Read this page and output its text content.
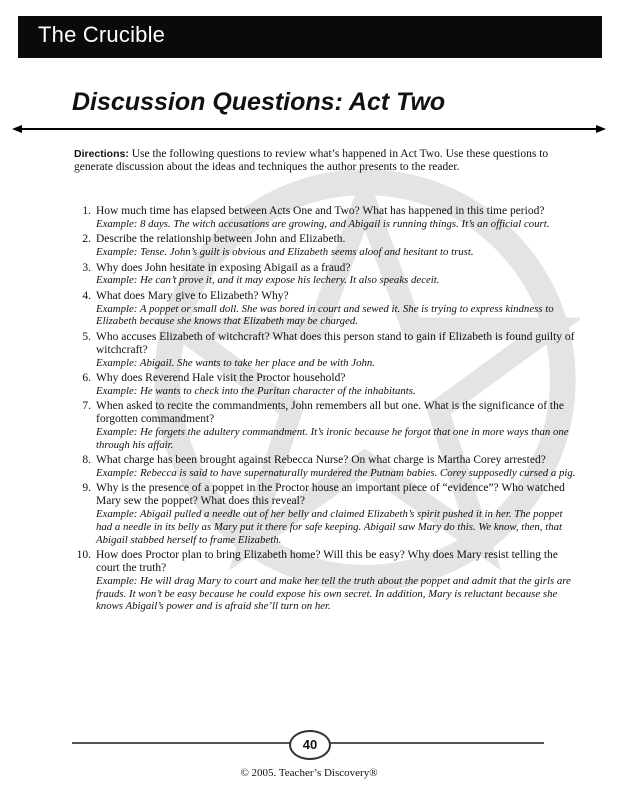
The Crucible
Discussion Questions: Act Two
Directions: Use the following questions to review what’s happened in Act Two. Use these questions to generate discussion about the ideas and techniques the author presents to the reader.
1. How much time has elapsed between Acts One and Two? What has happened in this time period?
Example: 8 days. The witch accusations are growing, and Abigail is running things. It’s an official court.
2. Describe the relationship between John and Elizabeth.
Example: Tense. John’s guilt is obvious and Elizabeth seems aloof and hesitant to trust.
3. Why does John hesitate in exposing Abigail as a fraud?
Example: He can’t prove it, and it may expose his lechery. It also speaks deceit.
4. What does Mary give to Elizabeth? Why?
Example: A poppet or small doll. She was bored in court and sewed it. She is trying to express kindness to Elizabeth because she knows that Elizabeth may be charged.
5. Who accuses Elizabeth of witchcraft? What does this person stand to gain if Elizabeth is found guilty of witchcraft?
Example: Abigail. She wants to take her place and be with John.
6. Why does Reverend Hale visit the Proctor household?
Example: He wants to check into the Puritan character of the inhabitants.
7. When asked to recite the commandments, John remembers all but one. What is the significance of the forgotten commandment?
Example: He forgets the adultery commandment. It’s ironic because he forgot that one in more ways than one through his affair.
8. What charge has been brought against Rebecca Nurse? On what charge is Martha Corey arrested?
Example: Rebecca is said to have supernaturally murdered the Putnam babies. Corey supposedly cursed a pig.
9. Why is the presence of a poppet in the Proctor house an important piece of “evidence”? Who watched Mary sew the poppet? What does this reveal?
Example: Abigail pulled a needle out of her belly and claimed Elizabeth’s spirit pushed it in her. The poppet had a needle in its belly as Mary put it there for safe keeping. Abigail saw Mary do this. We know, then, that Abigail stabbed herself to frame Elizabeth.
10. How does Proctor plan to bring Elizabeth home? Will this be easy? Why does Mary resist telling the court the truth?
Example: He will drag Mary to court and make her tell the truth about the poppet and admit that the girls are frauds. It won’t be easy because he could expose his own secret. In addition, Mary is reluctant because she knows Abigail’s power and is afraid she’ll turn on her.
40
© 2005. Teacher’s Discovery®
